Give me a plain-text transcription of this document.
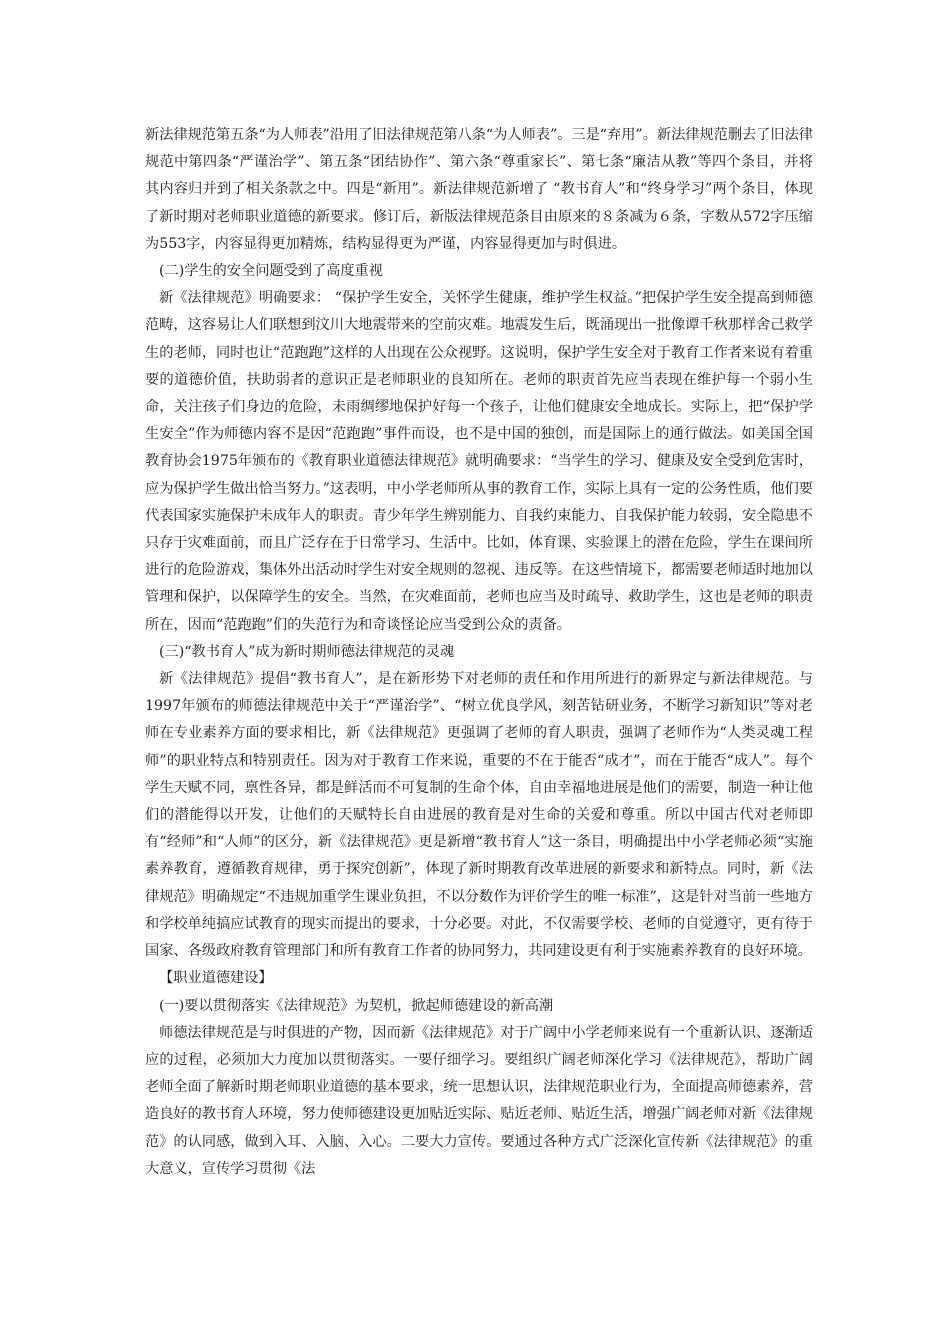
新法律规范第五条“为人师表”沿用了旧法律规范第八条“为人师表”。三是“弃用”。新法律规范删去了旧法律规范中第四条“严谨治学”、第五条“团结协作”、第六条“尊重家长”、第七条“廉洁从教”等四个条目，并将其内容归并到了相关条款之中。四是“新用”。新法律规范新增了 “教书育人”和“终身学习”两个条目，体现了新时期对老师职业道德的新要求。修订后，新版法律规范条目由原来的８条减为６条，字数从572字压缩为553字，内容显得更加精炼，结构显得更为严谨，内容显得更加与时俱进。

(二)学生的安全问题受到了高度重视

新《法律规范》明确要求： “保护学生安全，关怀学生健康，维护学生权益。”把保护学生安全提高到师德范畴，这容易让人们联想到汶川大地震带来的空前灾难。地震发生后，既涌现出一批像谭千秋那样舍己救学生的老师，同时也让“范跑跑”这样的人出现在公众视野。这说明，保护学生安全对于教育工作者来说有着重要的道德价值，扶助弱者的意识正是老师职业的良知所在。老师的职责首先应当表现在维护每一个弱小生命，关注孩子们身边的危险，未雨绸缪地保护好每一个孩子，让他们健康安全地成长。实际上，把“保护学生安全”作为师德内容不是因“范跑跑”事件而设，也不是中国的独创，而是国际上的通行做法。如美国全国教育协会1975年颁布的《教育职业道德法律规范》就明确要求：“当学生的学习、健康及安全受到危害时，应为保护学生做出恰当努力。”这表明，中小学老师所从事的教育工作，实际上具有一定的公务性质，他们要代表国家实施保护未成年人的职责。青少年学生辨别能力、自我约束能力、自我保护能力较弱，安全隐患不只存于灾难面前，而且广泛存在于日常学习、生活中。比如，体育课、实验课上的潜在危险，学生在课间所进行的危险游戏，集体外出活动时学生对安全规则的忽视、违反等。在这些情境下，都需要老师适时地加以管理和保护，以保障学生的安全。当然，在灾难面前，老师也应当及时疏导、救助学生，这也是老师的职责所在，因而“范跑跑”们的失范行为和奇谈怪论应当受到公众的责备。

(三)“教书育人”成为新时期师德法律规范的灵魂

新《法律规范》提倡“教书育人”，是在新形势下对老师的责任和作用所进行的新界定与新法律规范。与1997年颁布的师德法律规范中关于“严谨治学”、“树立优良学风，刻苦钻研业务，不断学习新知识”等对老师在专业素养方面的要求相比，新《法律规范》更强调了老师的育人职责，强调了老师作为“人类灵魂工程师”的职业特点和特别责任。因为对于教育工作来说，重要的不在于能否“成才”，而在于能否“成人”。每个学生天赋不同，禀性各异，都是鲜活而不可复制的生命个体，自由幸福地进展是他们的需要，制造一种让他们的潜能得以开发，让他们的天赋特长自由进展的教育是对生命的关爱和尊重。所以中国古代对老师即有“经师”和“人师”的区分，新《法律规范》更是新增“教书育人”这一条目，明确提出中小学老师必须“实施素养教育，遵循教育规律，勇于探究创新”，体现了新时期教育改革进展的新要求和新特点。同时，新《法律规范》明确规定“不违规加重学生课业负担，不以分数作为评价学生的唯一标准”，这是针对当前一些地方和学校单纯搞应试教育的现实而提出的要求，十分必要。对此，不仅需要学校、老师的自觉遵守，更有待于国家、各级政府教育管理部门和所有教育工作者的协同努力，共同建设更有利于实施素养教育的良好环境。

【职业道德建设】

(一)要以贯彻落实《法律规范》为契机，掀起师德建设的新高潮

师德法律规范是与时俱进的产物，因而新《法律规范》对于广阔中小学老师来说有一个重新认识、逐渐适应的过程，必须加大力度加以贯彻落实。一要仔细学习。要组织广阔老师深化学习《法律规范》，帮助广阔老师全面了解新时期老师职业道德的基本要求，统一思想认识，法律规范职业行为，全面提高师德素养，营造良好的教书育人环境，努力使师德建设更加贴近实际、贴近老师、贴近生活，增强广阔老师对新《法律规范》的认同感，做到入耳、入脑、入心。二要大力宣传。要通过各种方式广泛深化宣传新《法律规范》的重大意义，宣传学习贯彻《法
